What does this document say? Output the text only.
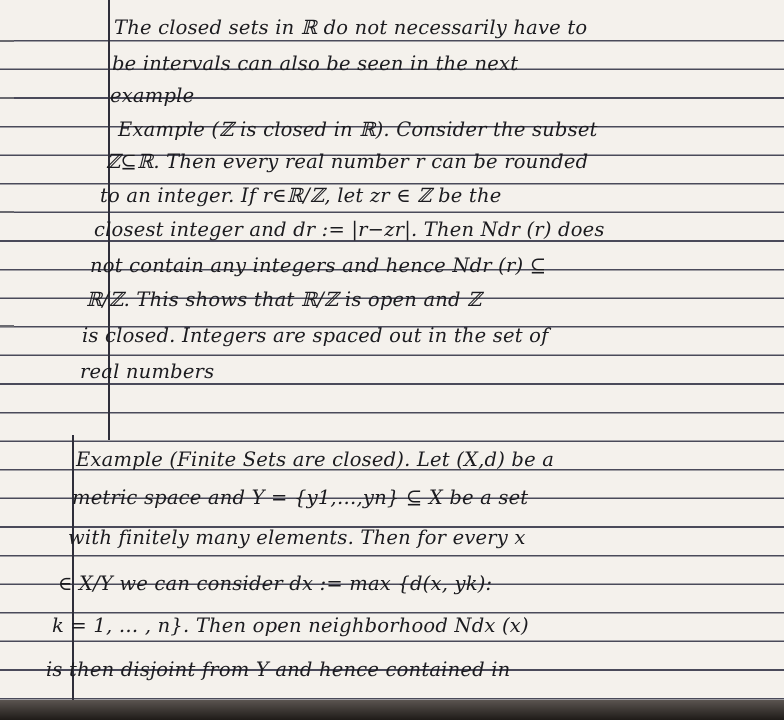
The closed sets in ℝ do not necessarily have to
be intervals can also be seen in the next
example
Example (ℤ is closed in ℝ). Consider the subset
ℤ⊆ℝ. Then every real number r can be rounded
to an integer. If r∈ℝ/ℤ, let zr ∈ ℤ be the
closest integer and dr := |r−zr|. Then Ndr (r) does
not contain any integers and hence Ndr (r) ⊆
ℝ/ℤ. This shows that ℝ/ℤ is open and ℤ
is closed. Integers are spaced out in the set of
real numbers
Example (Finite Sets are closed). Let (X,d) be a
metric space and Y = {y1,…,yn} ⊆ X be a set
with finitely many elements. Then for every x
∈ X/Y we can consider dx := max {d(x, yk):
k = 1, … , n}. Then open neighborhood Ndx (x)
is then disjoint from Y and hence contained in
